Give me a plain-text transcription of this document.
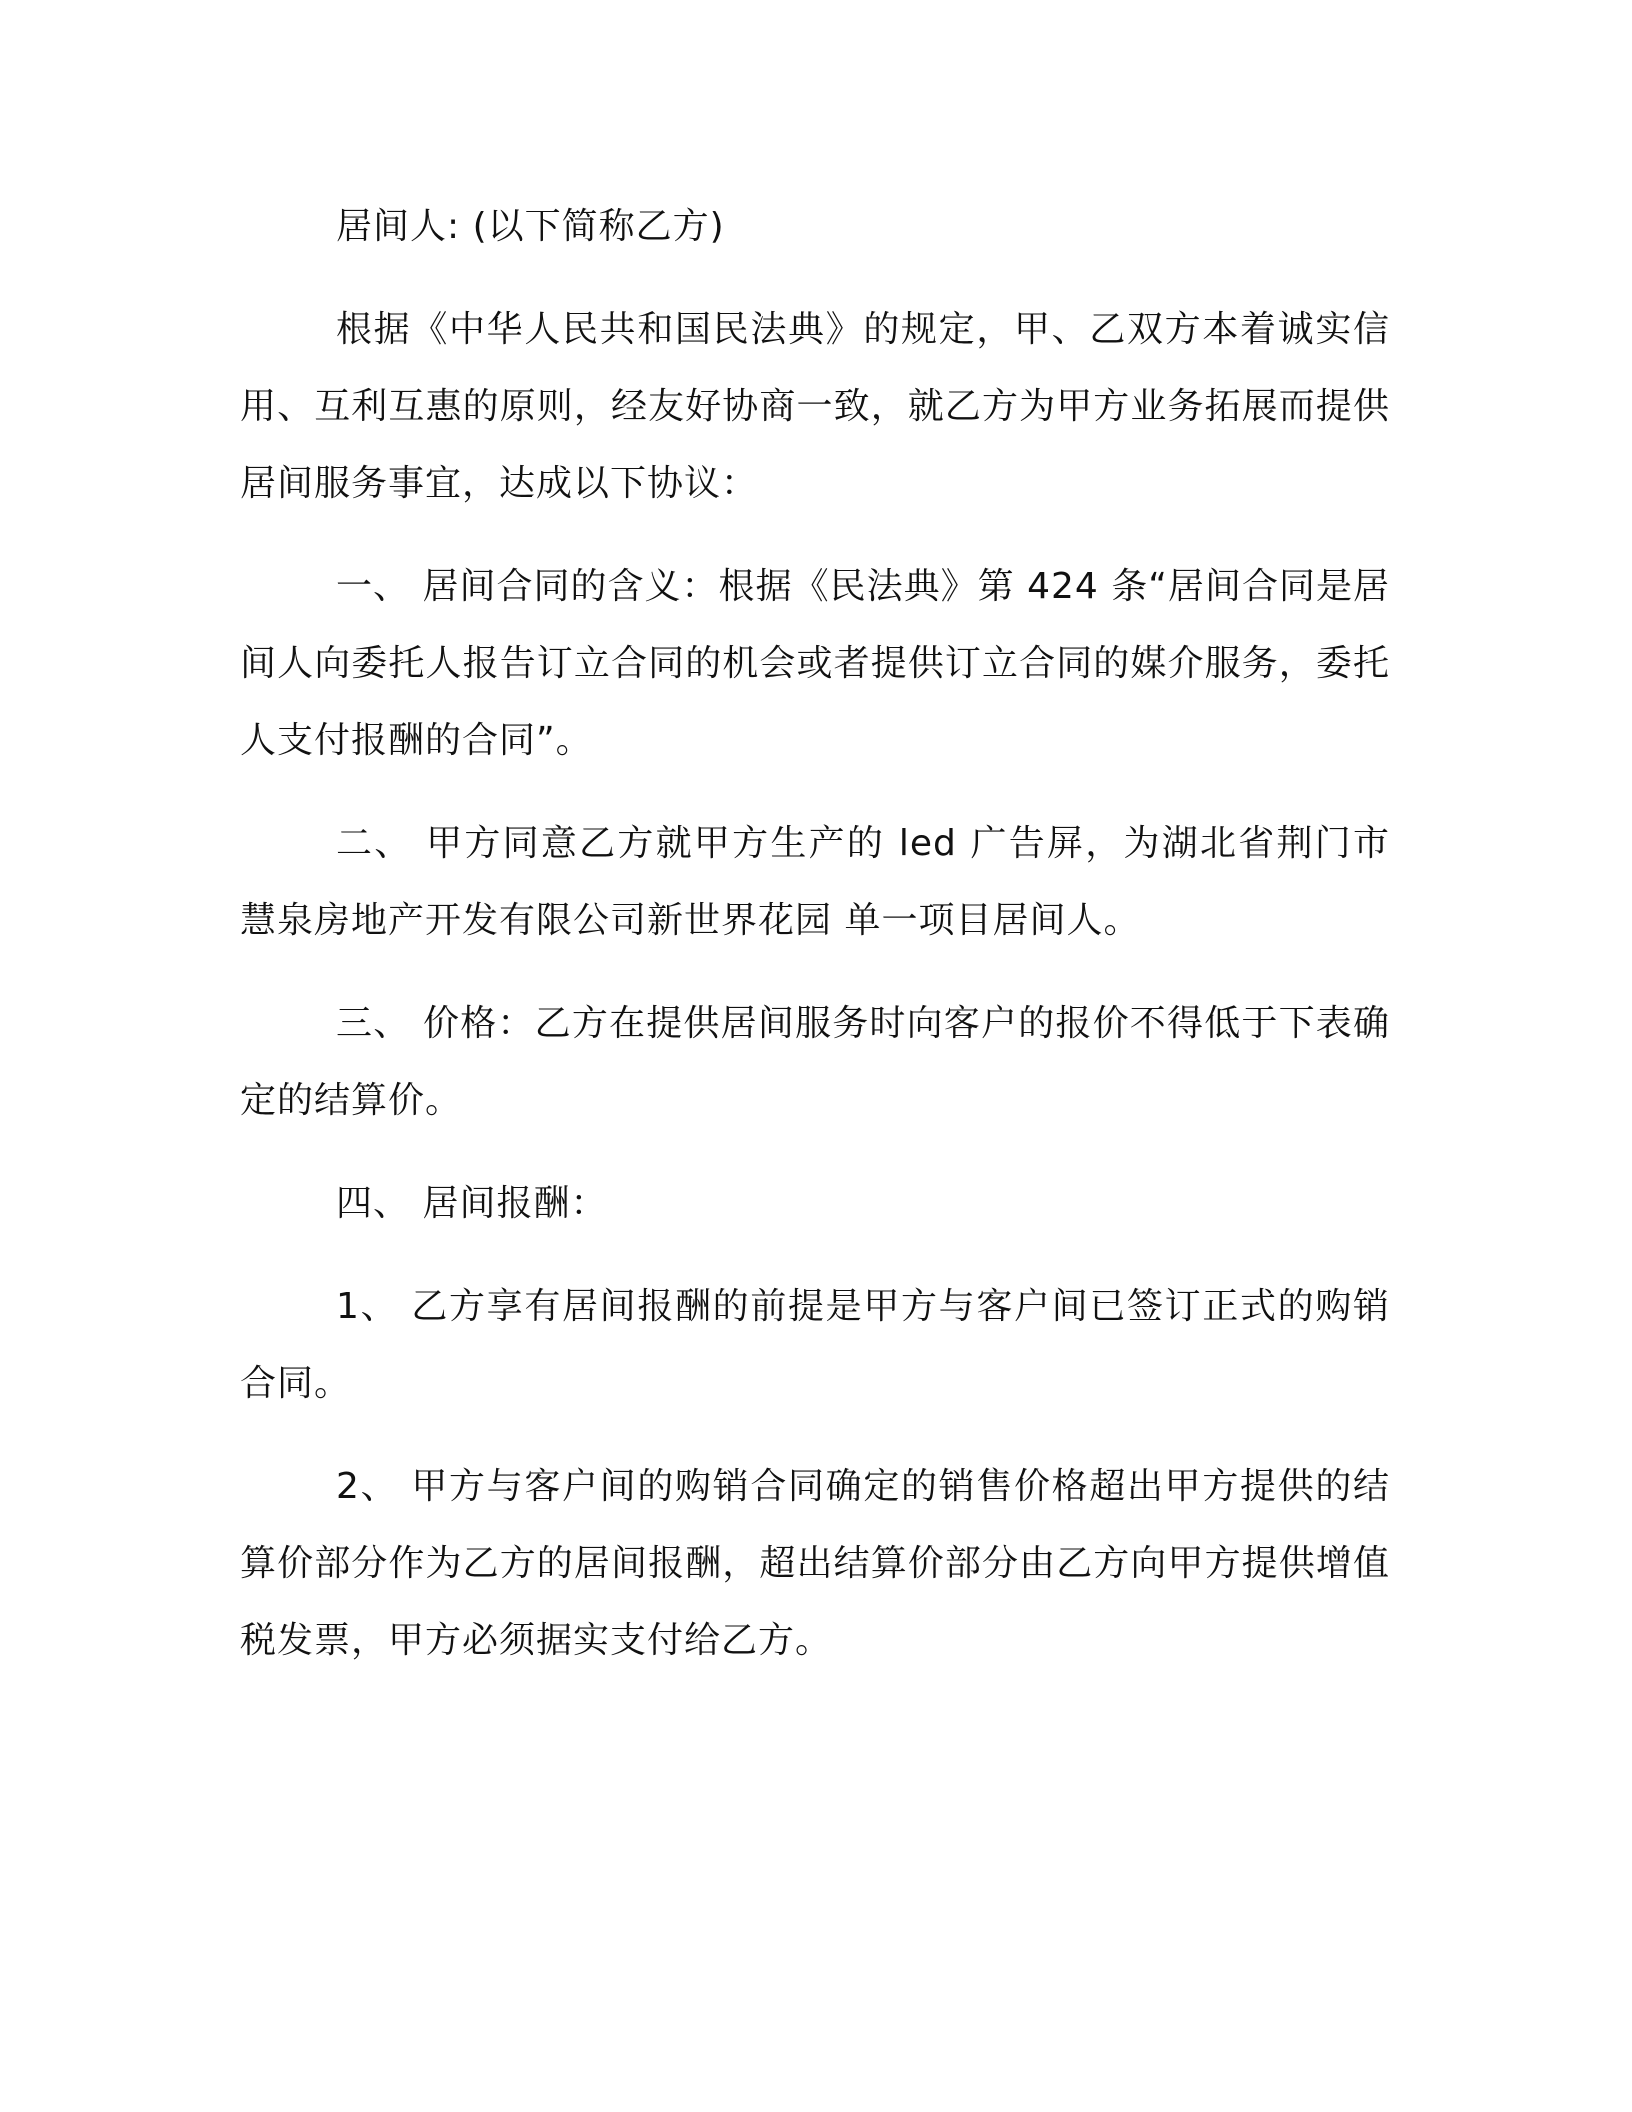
居间人: (以下简称乙方)

根据《中华人民共和国民法典》的规定，甲、乙双方本着诚实信用、互利互惠的原则，经友好协商一致，就乙方为甲方业务拓展而提供居间服务事宜，达成以下协议：

一、 居间合同的含义：根据《民法典》第 424 条“居间合同是居间人向委托人报告订立合同的机会或者提供订立合同的媒介服务，委托人支付报酬的合同”。

二、 甲方同意乙方就甲方生产的 led 广告屏，为湖北省荆门市慧泉房地产开发有限公司新世界花园 单一项目居间人。

三、 价格：乙方在提供居间服务时向客户的报价不得低于下表确定的结算价。

四、 居间报酬：

1、 乙方享有居间报酬的前提是甲方与客户间已签订正式的购销合同。

2、 甲方与客户间的购销合同确定的销售价格超出甲方提供的结算价部分作为乙方的居间报酬，超出结算价部分由乙方向甲方提供增值税发票，甲方必须据实支付给乙方。
